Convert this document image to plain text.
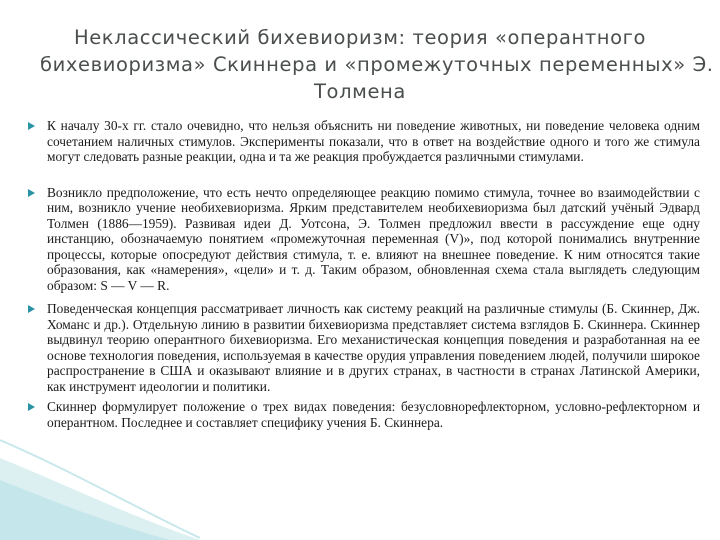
Неклассический бихевиоризм: теория «оперантного
бихевиоризма» Скиннера и «промежуточных переменных» Э.
Толмена
К началу 30-х гг. стало очевидно, что нельзя объяснить ни поведение животных, ни поведение человека одним сочетанием наличных стимулов. Эксперименты показали, что в ответ на воздействие одного и того же стимула могут следовать разные реакции, одна и та же реакция пробуждается различными стимулами.
Возникло предположение, что есть нечто определяющее реакцию помимо стимула, точнее во взаимодействии с ним, возникло учение необихевиоризма. Ярким представителем необихевиоризма был датский учёный Эдвард Толмен (1886—1959). Развивая идеи Д. Уотсона, Э. Толмен предложил ввести в рассуждение еще одну инстанцию, обозначаемую понятием «промежуточная переменная (V)», под которой понимались внутренние процессы, которые опосредуют действия стимула, т. е. влияют на внешнее поведение. К ним относятся такие образования, как «намерения», «цели» и т. д. Таким образом, обновленная схема стала выглядеть следующим образом: S — V — R.
Поведенческая концепция рассматривает личность как систему реакций на различные стимулы (Б. Скиннер, Дж. Хоманс и др.). Отдельную линию в развитии бихевиоризма представляет система взглядов Б. Скиннера. Скиннер выдвинул теорию оперантного бихевиоризма. Его механистическая концепция поведения и разработанная на ее основе технология поведения, используемая в качестве орудия управления поведением людей, получили широкое распространение в США и оказывают влияние и в других странах, в частности в странах Латинской Америки, как инструмент идеологии и политики.
Скиннер формулирует положение о трех видах поведения: безусловнорефлекторном, условно-рефлекторном и оперантном. Последнее и составляет специфику учения Б. Скиннера.
